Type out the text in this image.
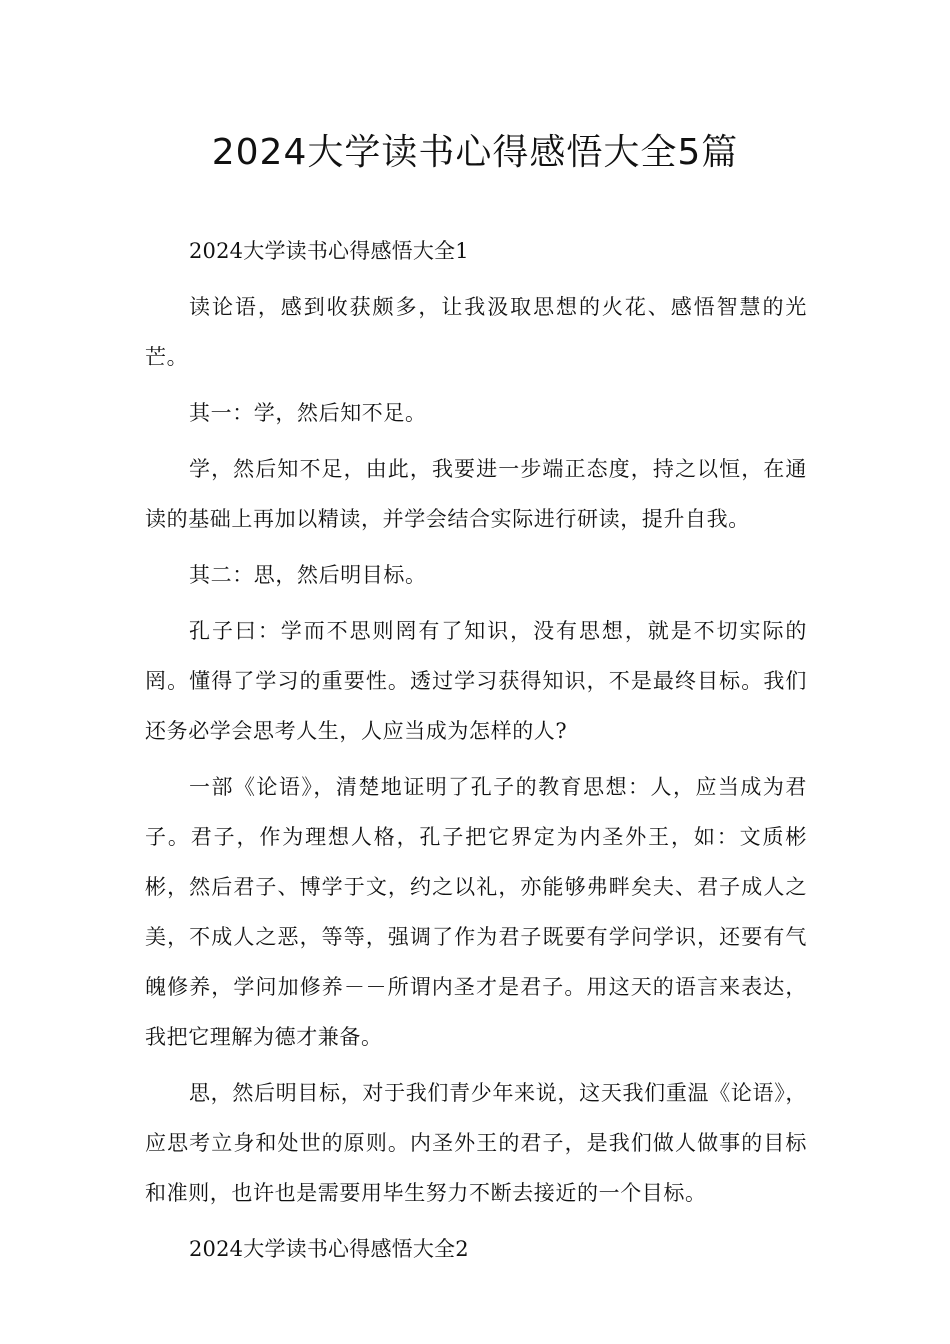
2024大学读书心得感悟大全5篇

2024大学读书心得感悟大全1

读论语，感到收获颇多，让我汲取思想的火花、感悟智慧的光芒。

其一：学，然后知不足。

学，然后知不足，由此，我要进一步端正态度，持之以恒，在通读的基础上再加以精读，并学会结合实际进行研读，提升自我。

其二：思，然后明目标。

孔子曰：学而不思则罔有了知识，没有思想，就是不切实际的罔。懂得了学习的重要性。透过学习获得知识，不是最终目标。我们还务必学会思考人生，人应当成为怎样的人?

一部《论语》，清楚地证明了孔子的教育思想：人，应当成为君子。君子，作为理想人格，孔子把它界定为内圣外王，如：文质彬彬，然后君子、博学于文，约之以礼，亦能够弗畔矣夫、君子成人之美，不成人之恶，等等，强调了作为君子既要有学问学识，还要有气魄修养，学问加修养－－所谓内圣才是君子。用这天的语言来表达，我把它理解为德才兼备。

思，然后明目标，对于我们青少年来说，这天我们重温《论语》，应思考立身和处世的原则。内圣外王的君子，是我们做人做事的目标和准则，也许也是需要用毕生努力不断去接近的一个目标。

2024大学读书心得感悟大全2
